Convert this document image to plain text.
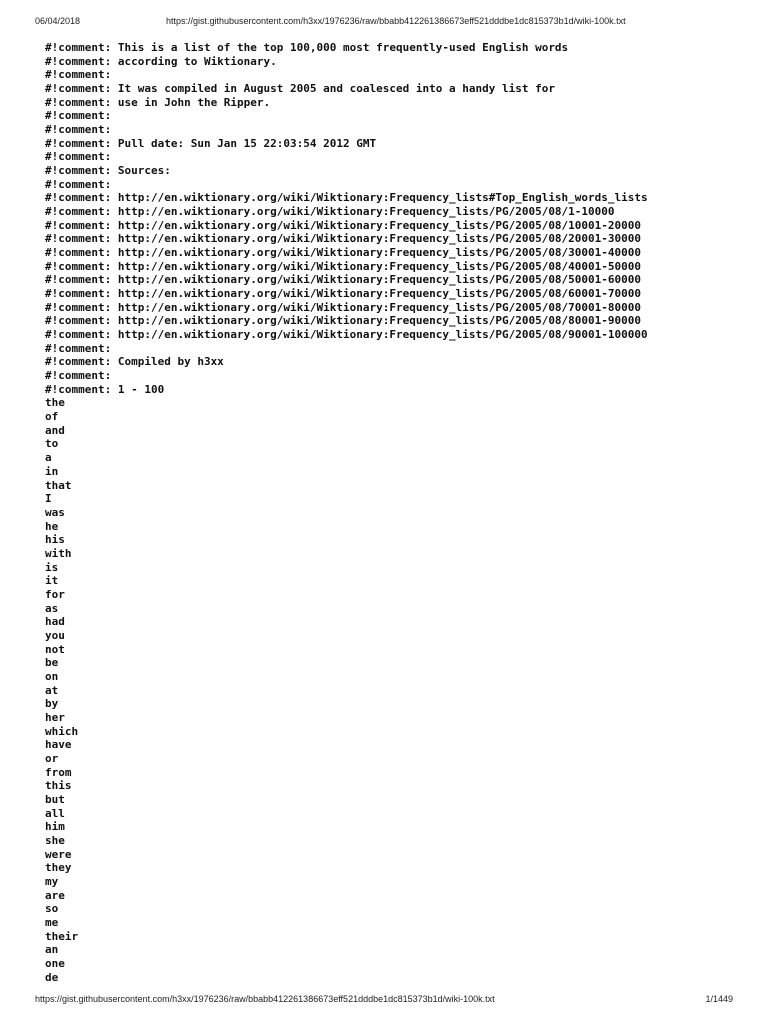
06/04/2018	https://gist.githubusercontent.com/h3xx/1976236/raw/bbabb412261386673eff521dddbe1dc815373b1d/wiki-100k.txt
#!comment: This is a list of the top 100,000 most frequently-used English words
#!comment: according to Wiktionary.
#!comment:
#!comment: It was compiled in August 2005 and coalesced into a handy list for
#!comment: use in John the Ripper.
#!comment:
#!comment:
#!comment: Pull date: Sun Jan 15 22:03:54 2012 GMT
#!comment:
#!comment: Sources:
#!comment:
#!comment: http://en.wiktionary.org/wiki/Wiktionary:Frequency_lists#Top_English_words_lists
#!comment: http://en.wiktionary.org/wiki/Wiktionary:Frequency_lists/PG/2005/08/1-10000
#!comment: http://en.wiktionary.org/wiki/Wiktionary:Frequency_lists/PG/2005/08/10001-20000
#!comment: http://en.wiktionary.org/wiki/Wiktionary:Frequency_lists/PG/2005/08/20001-30000
#!comment: http://en.wiktionary.org/wiki/Wiktionary:Frequency_lists/PG/2005/08/30001-40000
#!comment: http://en.wiktionary.org/wiki/Wiktionary:Frequency_lists/PG/2005/08/40001-50000
#!comment: http://en.wiktionary.org/wiki/Wiktionary:Frequency_lists/PG/2005/08/50001-60000
#!comment: http://en.wiktionary.org/wiki/Wiktionary:Frequency_lists/PG/2005/08/60001-70000
#!comment: http://en.wiktionary.org/wiki/Wiktionary:Frequency_lists/PG/2005/08/70001-80000
#!comment: http://en.wiktionary.org/wiki/Wiktionary:Frequency_lists/PG/2005/08/80001-90000
#!comment: http://en.wiktionary.org/wiki/Wiktionary:Frequency_lists/PG/2005/08/90001-100000
#!comment:
#!comment: Compiled by h3xx
#!comment:
#!comment: 1 - 100
the
of
and
to
a
in
that
I
was
he
his
with
is
it
for
as
had
you
not
be
on
at
by
her
which
have
or
from
this
but
all
him
she
were
they
my
are
so
me
their
an
one
de
https://gist.githubusercontent.com/h3xx/1976236/raw/bbabb412261386673eff521dddbe1dc815373b1d/wiki-100k.txt	1/1449
